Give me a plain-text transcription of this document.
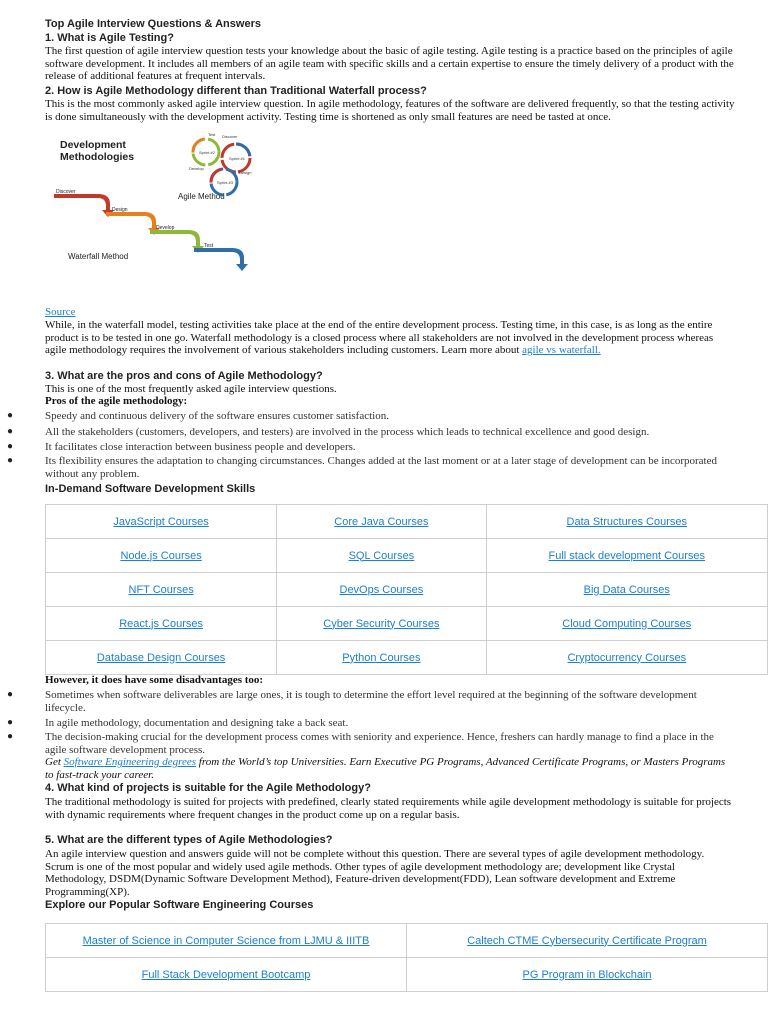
Top Agile Interview Questions & Answers
1. What is Agile Testing?
The first question of agile interview question tests your knowledge about the basic of agile testing. Agile testing is a practice based on the principles of agile software development. It includes all members of an agile team with specific skills and a certain expertise to ensure the timely delivery of a product with the release of additional features at frequent intervals.
2. How is Agile Methodology different than Traditional Waterfall process?
This is the most commonly asked agile interview question. In agile methodology, features of the software are delivered frequently, so that the testing activity is done simultaneously with the development activity. Testing time is shortened as only small features are need be tasted at once.
Development
Methodologies
Agile Method
Waterfall Method
Discover
Design
Develop
Test
Sprint #1
Sprint #2
Sprint #3
Test Discover
Design
Develop
Source
While, in the waterfall model, testing activities take place at the end of the entire development process. Testing time, in this case, is as long as the entire product is to be tested in one go. Waterfall methodology is a closed process where all stakeholders are not involved in the development process whereas agile methodology requires the involvement of various stakeholders including customers. Learn more about agile vs waterfall.
3. What are the pros and cons of Agile Methodology?
This is one of the most frequently asked agile interview questions.
Pros of the agile methodology:
●	Speedy and continuous delivery of the software ensures customer satisfaction.
●	All the stakeholders (customers, developers, and testers) are involved in the process which leads to technical excellence and good design.
●	It facilitates close interaction between business people and developers.
●	Its flexibility ensures the adaptation to changing circumstances. Changes added at the last moment or at a later stage of development can be incorporated without any problem.
In-Demand Software Development Skills
JavaScript Courses	Core Java Courses	Data Structures Courses
Node.js Courses	SQL Courses	Full stack development Courses
NFT Courses	DevOps Courses	Big Data Courses
React.js Courses	Cyber Security Courses	Cloud Computing Courses
Database Design Courses	Python Courses	Cryptocurrency Courses
However, it does have some disadvantages too:
●	Sometimes when software deliverables are large ones, it is tough to determine the effort level required at the beginning of the software development lifecycle.
●	In agile methodology, documentation and designing take a back seat.
●	The decision-making crucial for the development process comes with seniority and experience. Hence, freshers can hardly manage to find a place in the agile software development process.
Get Software Engineering degrees from the World’s top Universities. Earn Executive PG Programs, Advanced Certificate Programs, or Masters Programs to fast-track your career.
4. What kind of projects is suitable for the Agile Methodology?
The traditional methodology is suited for projects with predefined, clearly stated requirements while agile development methodology is suitable for projects with dynamic requirements where frequent changes in the product come up on a regular basis.
5. What are the different types of Agile Methodologies?
An agile interview question and answers guide will not be complete without this question. There are several types of agile development methodology. Scrum is one of the most popular and widely used agile methods. Other types of agile development methodology are; development like Crystal Methodology, DSDM(Dynamic Software Development Method), Feature-driven development(FDD), Lean software development and Extreme Programming(XP).
Explore our Popular Software Engineering Courses
Master of Science in Computer Science from LJMU & IIITB	Caltech CTME Cybersecurity Certificate Program
Full Stack Development Bootcamp	PG Program in Blockchain
